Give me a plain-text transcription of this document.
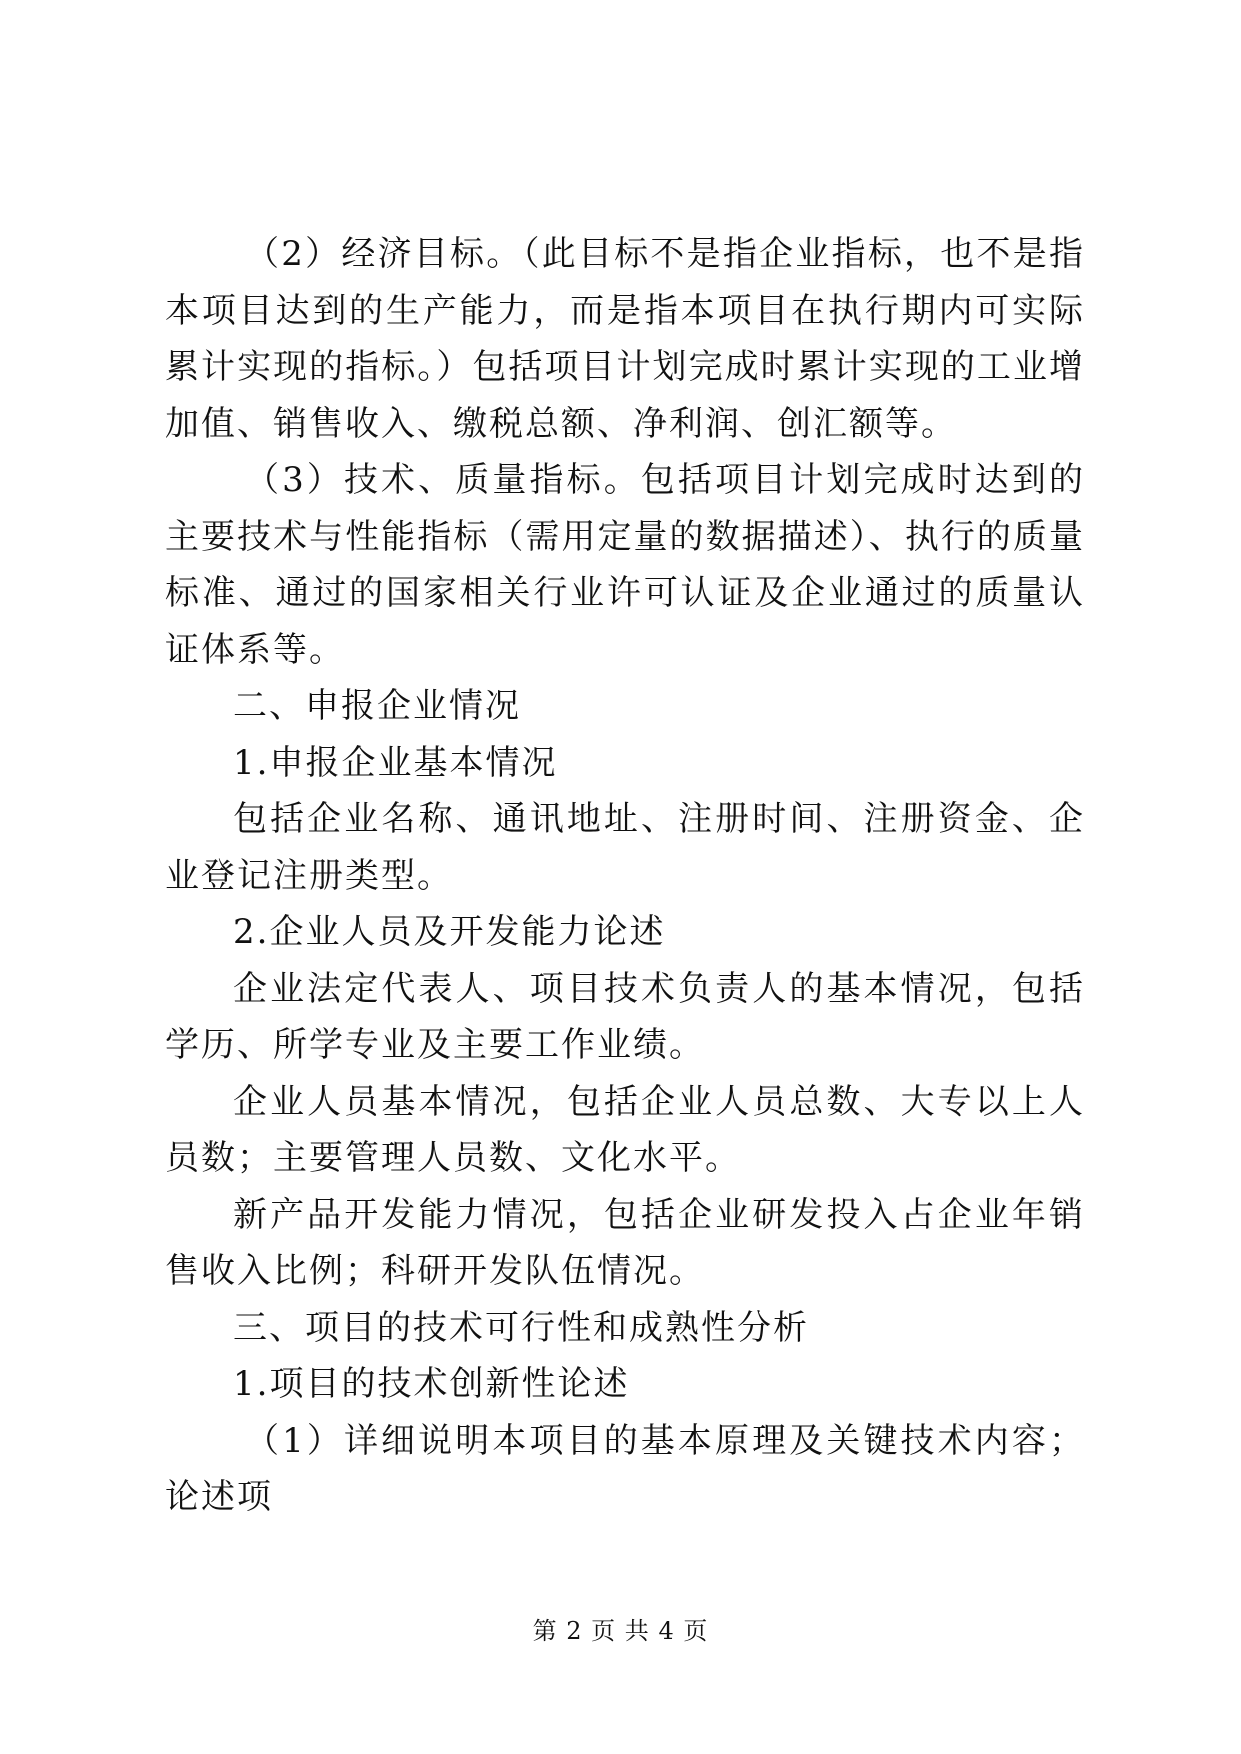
（2）经济目标。（此目标不是指企业指标，也不是指本项目达到的生产能力，而是指本项目在执行期内可实际累计实现的指标。）包括项目计划完成时累计实现的工业增加值、销售收入、缴税总额、净利润、创汇额等。

（3）技术、质量指标。包括项目计划完成时达到的主要技术与性能指标（需用定量的数据描述）、执行的质量标准、通过的国家相关行业许可认证及企业通过的质量认证体系等。

二、申报企业情况

1.申报企业基本情况

包括企业名称、通讯地址、注册时间、注册资金、企业登记注册类型。

2.企业人员及开发能力论述

企业法定代表人、项目技术负责人的基本情况，包括学历、所学专业及主要工作业绩。

企业人员基本情况，包括企业人员总数、大专以上人员数；主要管理人员数、文化水平。

新产品开发能力情况，包括企业研发投入占企业年销售收入比例；科研开发队伍情况。

三、项目的技术可行性和成熟性分析

1.项目的技术创新性论述

（1）详细说明本项目的基本原理及关键技术内容；论述项

第 2 页 共 4 页
